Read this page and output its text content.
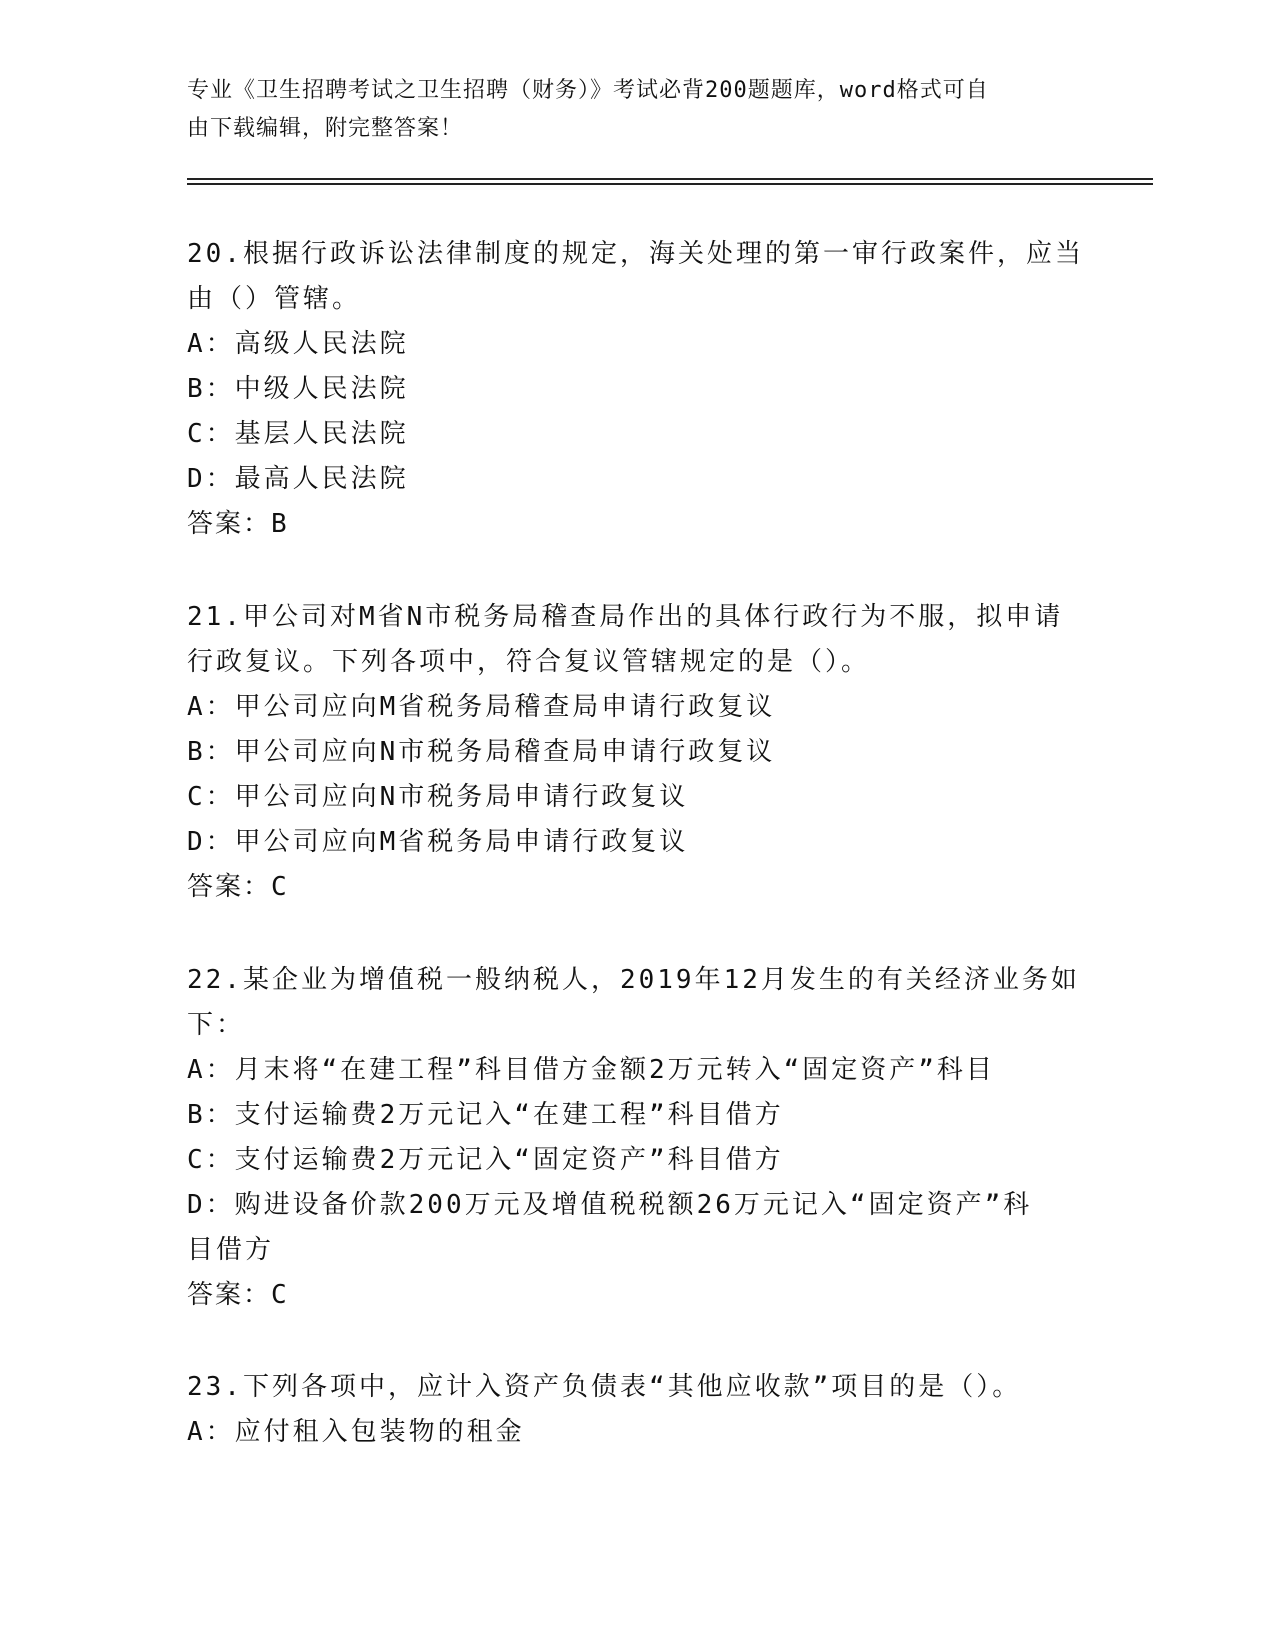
专业《卫生招聘考试之卫生招聘（财务）》考试必背200题题库，word格式可自
由下载编辑，附完整答案！
20.根据行政诉讼法律制度的规定，海关处理的第一审行政案件，应当
由（）管辖。
A：高级人民法院
B：中级人民法院
C：基层人民法院
D：最高人民法院
答案：B
21.甲公司对M省N市税务局稽查局作出的具体行政行为不服，拟申请
行政复议。下列各项中，符合复议管辖规定的是（）。
A：甲公司应向M省税务局稽查局申请行政复议
B：甲公司应向N市税务局稽查局申请行政复议
C：甲公司应向N市税务局申请行政复议
D：甲公司应向M省税务局申请行政复议
答案：C
22.某企业为增值税一般纳税人，2019年12月发生的有关经济业务如
下：
A：月末将“在建工程”科目借方金额2万元转入“固定资产”科目
B：支付运输费2万元记入“在建工程”科目借方
C：支付运输费2万元记入“固定资产”科目借方
D：购进设备价款200万元及增值税税额26万元记入“固定资产”科
目借方
答案：C
23.下列各项中，应计入资产负债表“其他应收款”项目的是（）。
A：应付租入包装物的租金
